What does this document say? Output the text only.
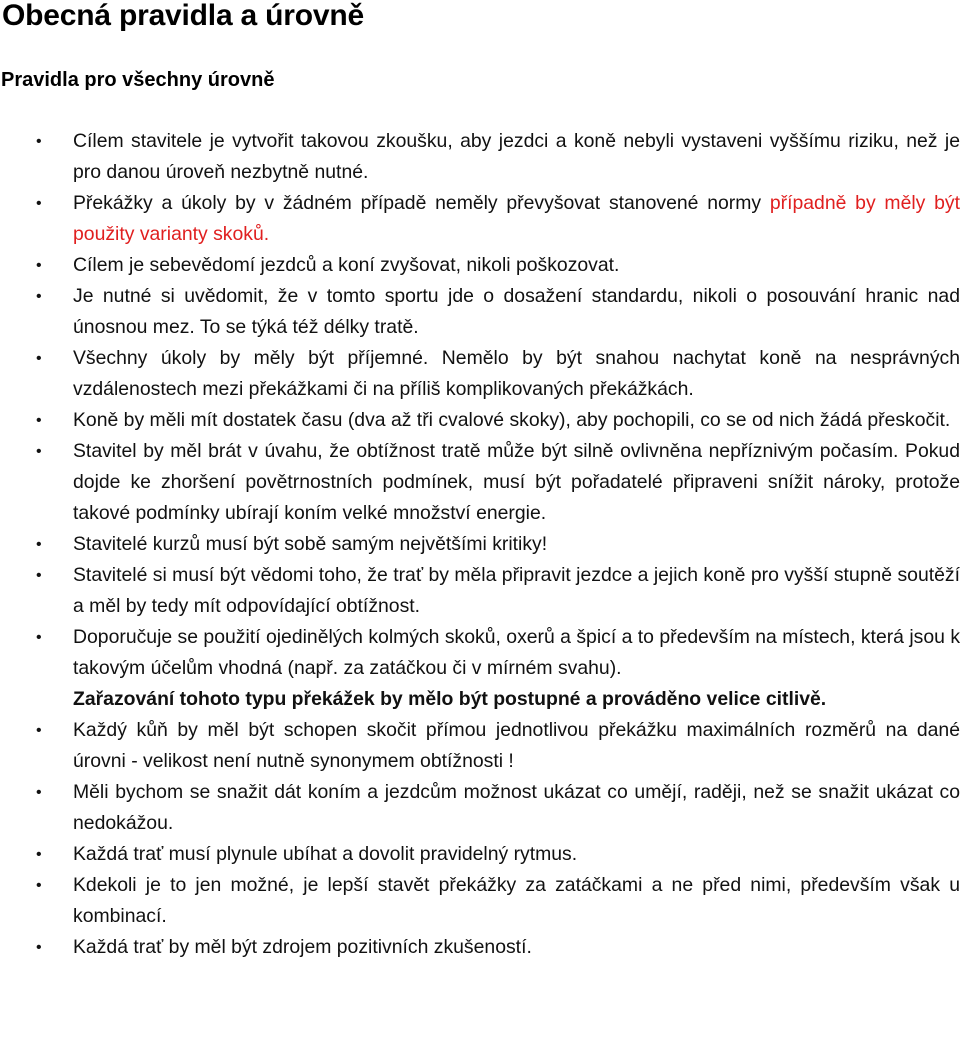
Obecná pravidla a úrovně
Pravidla pro všechny úrovně
• Cílem stavitele je vytvořit takovou zkoušku, aby jezdci a koně nebyli vystaveni vyššímu riziku, než je pro danou úroveň nezbytně nutné.
• Překážky a úkoly by v žádném případě neměly převyšovat stanovené normy případně by měly být použity varianty skoků.
• Cílem je sebevědomí jezdců a koní zvyšovat, nikoli poškozovat.
• Je nutné si uvědomit, že v tomto sportu jde o dosažení standardu, nikoli o posouvání hranic nad únosnou mez. To se týká též délky tratě.
• Všechny úkoly by měly být příjemné. Nemělo by být snahou nachytat koně na nesprávných vzdálenostech mezi překážkami či na příliš komplikovaných překážkách.
• Koně by měli mít dostatek času (dva až tři cvalové skoky), aby pochopili, co se od nich žádá přeskočit.
• Stavitel by měl brát v úvahu, že obtížnost tratě může být silně ovlivněna nepříznivým počasím. Pokud dojde ke zhoršení povětrnostních podmínek, musí být pořadatelé připraveni snížit nároky, protože takové podmínky ubírají koním velké množství energie.
• Stavitelé kurzů musí být sobě samým největšími kritiky!
• Stavitelé si musí být vědomi toho, že trať by měla připravit jezdce a jejich koně pro vyšší stupně soutěží a měl by tedy mít odpovídající obtížnost.
• Doporučuje se použití ojedinělých kolmých skoků, oxerů a špicí a to především na místech, která jsou k takovým účelům vhodná (např. za zatáčkou či v mírném svahu).
Zařazování tohoto typu překážek by mělo být postupné a prováděno velice citlivě.
• Každý kůň by měl být schopen skočit přímou jednotlivou překážku maximálních rozměrů na dané úrovni - velikost není nutně synonymem obtížnosti !
• Měli bychom se snažit dát koním a jezdcům možnost ukázat co umějí, raději, než se snažit ukázat co nedokážou.
• Každá trať musí plynule ubíhat a dovolit pravidelný rytmus.
• Kdekoli je to jen možné, je lepší stavět překážky za zatáčkami a ne před nimi, především však u kombinací.
• Každá trať by měl být zdrojem pozitivních zkušeností.
